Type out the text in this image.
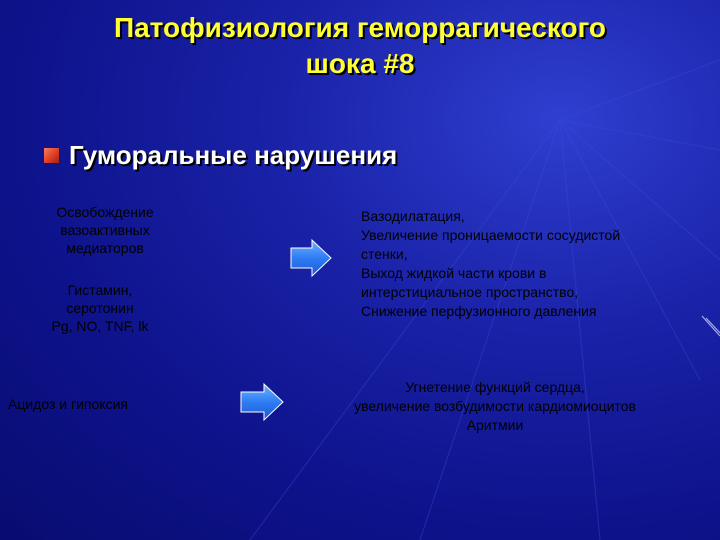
Патофизиология геморрагического
шока #8
Гуморальные нарушения
Освобождение
вазоактивных
медиаторов
Гистамин,
серотонин
Pg, NO, TNF, lk
Ацидоз и гипоксия
Вазодилатация,
Увеличение проницаемости сосудистой
стенки,
Выход жидкой части крови в
интерстициальное пространство,
Снижение перфузионного давления
Угнетение функций сердца,
увеличение возбудимости кардиомиоцитов
Аритмии
